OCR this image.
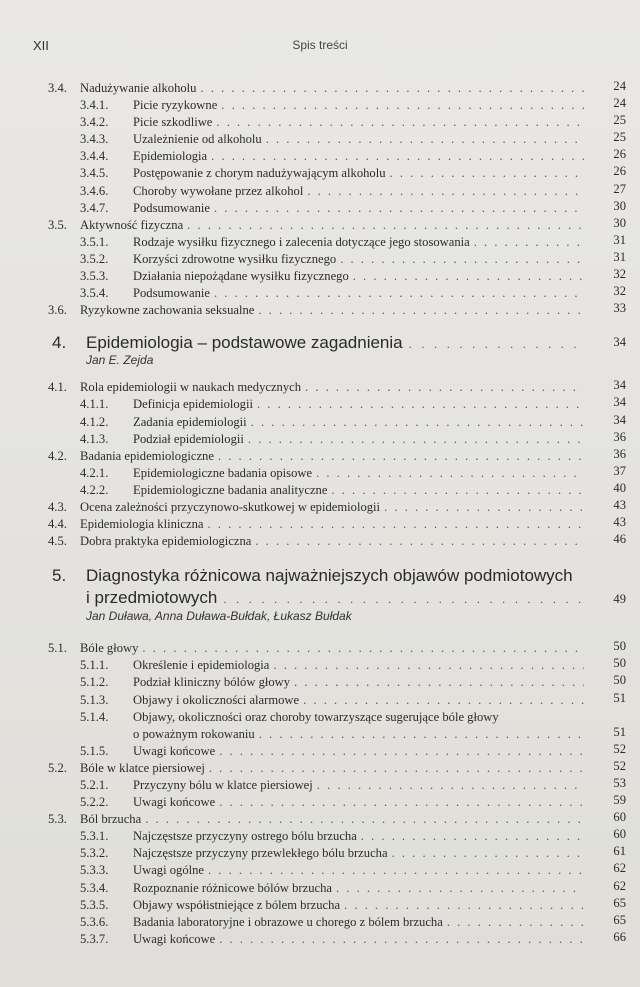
XII	Spis treści
3.4. Nadużywanie alkoholu . . .	24
3.4.1. Picie ryzykowne . . .	24
3.4.2. Picie szkodliwe . . .	25
3.4.3. Uzależnienie od alkoholu . . .	25
3.4.4. Epidemiologia . . .	26
3.4.5. Postępowanie z chorym nadużywającym alkoholu . . .	26
3.4.6. Choroby wywołane przez alkohol . . .	27
3.4.7. Podsumowanie . . .	30
3.5. Aktywność fizyczna . . .	30
3.5.1. Rodzaje wysiłku fizycznego i zalecenia dotyczące jego stosowania . . .	31
3.5.2. Korzyści zdrowotne wysiłku fizycznego . . .	31
3.5.3. Działania niepożądane wysiłku fizycznego . . .	32
3.5.4. Podsumowanie . . .	32
3.6. Ryzykowne zachowania seksualne . . .	33
4. Epidemiologia – podstawowe zagadnienia . . .	34
Jan E. Zejda
4.1. Rola epidemiologii w naukach medycznych . . .	34
4.1.1. Definicja epidemiologii . . .	34
4.1.2. Zadania epidemiologii . . .	34
4.1.3. Podział epidemiologii . . .	36
4.2. Badania epidemiologiczne . . .	36
4.2.1. Epidemiologiczne badania opisowe . . .	37
4.2.2. Epidemiologiczne badania analityczne . . .	40
4.3. Ocena zależności przyczynowo-skutkowej w epidemiologii . . .	43
4.4. Epidemiologia kliniczna . . .	43
4.5. Dobra praktyka epidemiologiczna . . .	46
5. Diagnostyka różnicowa najważniejszych objawów podmiotowych
i przedmiotowych . . .	49
Jan Duława, Anna Duława-Bułdak, Łukasz Bułdak
5.1. Bóle głowy . . .	50
5.1.1. Określenie i epidemiologia . . .	50
5.1.2. Podział kliniczny bólów głowy . . .	50
5.1.3. Objawy i okoliczności alarmowe . . .	51
5.1.4. Objawy, okoliczności oraz choroby towarzyszące sugerujące bóle głowy
o poważnym rokowaniu . . .	51
5.1.5. Uwagi końcowe . . .	52
5.2. Bóle w klatce piersiowej . . .	52
5.2.1. Przyczyny bólu w klatce piersiowej . . .	53
5.2.2. Uwagi końcowe . . .	59
5.3. Ból brzucha . . .	60
5.3.1. Najczęstsze przyczyny ostrego bólu brzucha . . .	60
5.3.2. Najczęstsze przyczyny przewlekłego bólu brzucha . . .	61
5.3.3. Uwagi ogólne . . .	62
5.3.4. Rozpoznanie różnicowe bólów brzucha . . .	62
5.3.5. Objawy współistniejące z bólem brzucha . . .	65
5.3.6. Badania laboratoryjne i obrazowe u chorego z bólem brzucha . . .	65
5.3.7. Uwagi końcowe . . .	66
